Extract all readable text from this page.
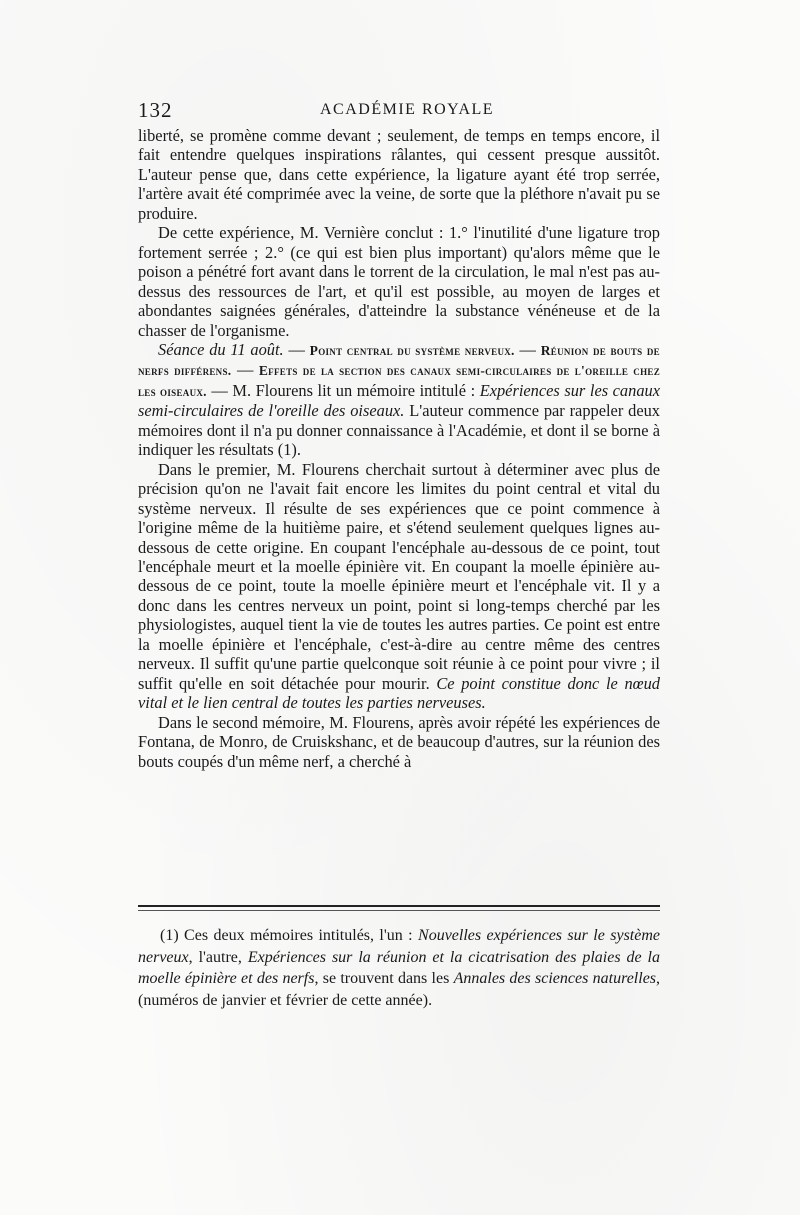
132	ACADÉMIE ROYALE

liberté, se promène comme devant ; seulement, de temps en temps encore, il fait entendre quelques inspirations râlantes, qui cessent presque aussitôt. L'auteur pense que, dans cette expérience, la ligature ayant été trop serrée, l'artère avait été comprimée avec la veine, de sorte que la pléthore n'avait pu se produire.

De cette expérience, M. Vernière conclut : 1.° l'inutilité d'une ligature trop fortement serrée ; 2.° (ce qui est bien plus important) qu'alors même que le poison a pénétré fort avant dans le torrent de la circulation, le mal n'est pas au-dessus des ressources de l'art, et qu'il est possible, au moyen de larges et abondantes saignées générales, d'atteindre la substance vénéneuse et de la chasser de l'organisme.

Séance du 11 août. — Point central du système nerveux. — Réunion de bouts de nerfs différens. — Effets de la section des canaux semi-circulaires de l'oreille chez les oiseaux. — M. Flourens lit un mémoire intitulé : Expériences sur les canaux semi-circulaires de l'oreille des oiseaux. L'auteur commence par rappeler deux mémoires dont il n'a pu donner connaissance à l'Académie, et dont il se borne à indiquer les résultats (1).

Dans le premier, M. Flourens cherchait surtout à déterminer avec plus de précision qu'on ne l'avait fait encore les limites du point central et vital du système nerveux. Il résulte de ses expériences que ce point commence à l'origine même de la huitième paire, et s'étend seulement quelques lignes au-dessous de cette origine. En coupant l'encéphale au-dessous de ce point, tout l'encéphale meurt et la moelle épinière vit. En coupant la moelle épinière au-dessous de ce point, toute la moelle épinière meurt et l'encéphale vit. Il y a donc dans les centres nerveux un point, point si long-temps cherché par les physiologistes, auquel tient la vie de toutes les autres parties. Ce point est entre la moelle épinière et l'encéphale, c'est-à-dire au centre même des centres nerveux. Il suffit qu'une partie quelconque soit réunie à ce point pour vivre ; il suffit qu'elle en soit détachée pour mourir. Ce point constitue donc le nœud vital et le lien central de toutes les parties nerveuses.

Dans le second mémoire, M. Flourens, après avoir répété les expériences de Fontana, de Monro, de Cruiskshanc, et de beaucoup d'autres, sur la réunion des bouts coupés d'un même nerf, a cherché à

(1) Ces deux mémoires intitulés, l'un : Nouvelles expériences sur le système nerveux, l'autre, Expériences sur la réunion et la cicatrisation des plaies de la moelle épinière et des nerfs, se trouvent dans les Annales des sciences naturelles, (numéros de janvier et février de cette année).
